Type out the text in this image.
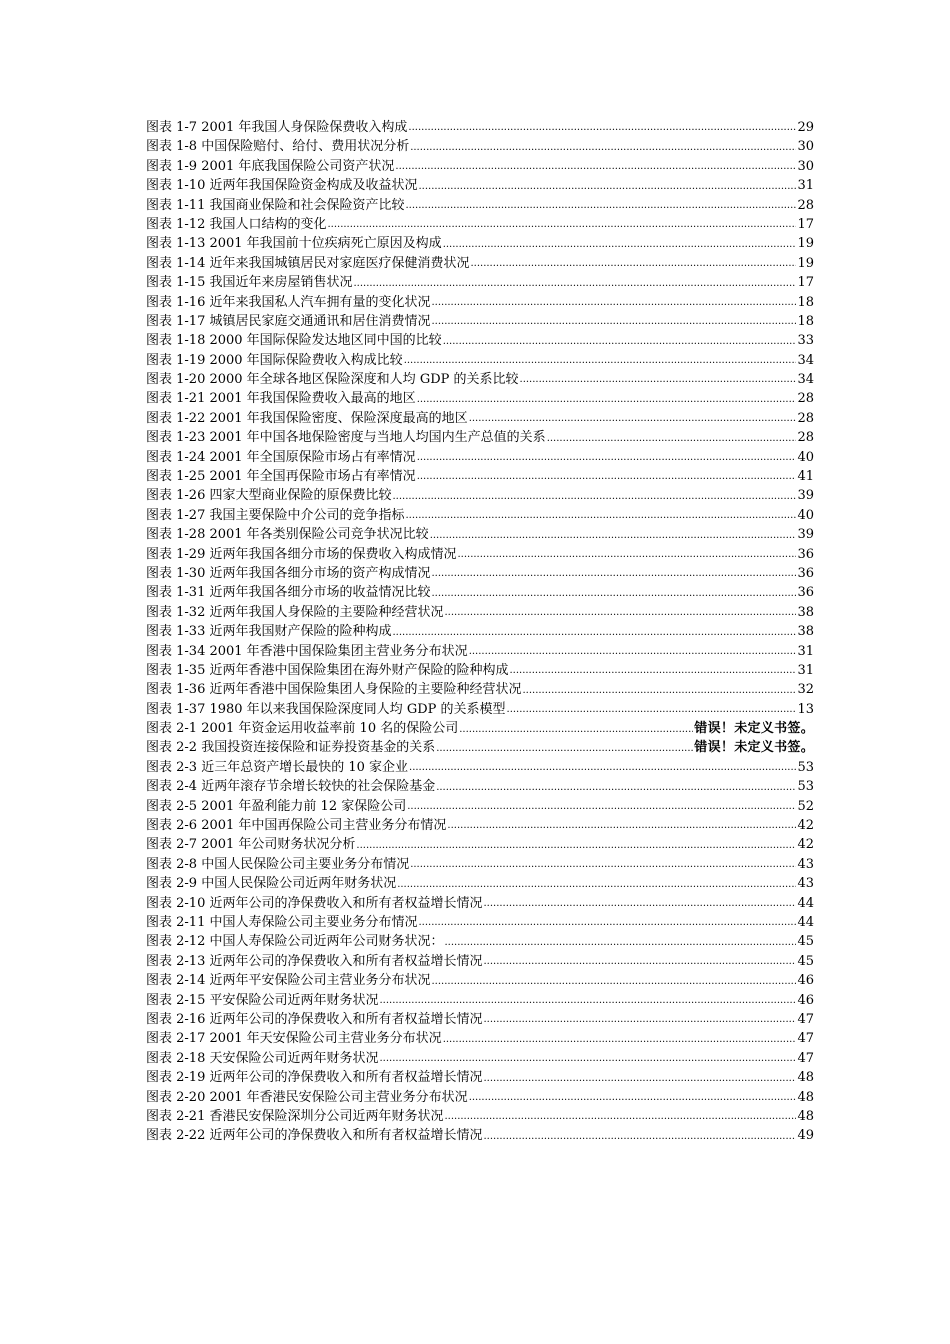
图表 1-7 2001 年我国人身保险保费收入构成 .....	29
图表 1-8 中国保险赔付、给付、费用状况分析 .....	30
图表 1-9 2001 年底我国保险公司资产状况 .....	30
图表 1-10 近两年我国保险资金构成及收益状况 .....	31
图表 1-11 我国商业保险和社会保险资产比较 .....	28
图表 1-12 我国人口结构的变化 .....	17
图表 1-13 2001 年我国前十位疾病死亡原因及构成 .....	19
图表 1-14 近年来我国城镇居民对家庭医疗保健消费状况 .....	19
图表 1-15 我国近年来房屋销售状况 .....	17
图表 1-16 近年来我国私人汽车拥有量的变化状况 .....	18
图表 1-17 城镇居民家庭交通通讯和居住消费情况 .....	18
图表 1-18 2000 年国际保险发达地区同中国的比较 .....	33
图表 1-19 2000 年国际保险费收入构成比较 .....	34
图表 1-20 2000 年全球各地区保险深度和人均 GDP 的关系比较 .....	34
图表 1-21 2001 年我国保险费收入最高的地区 .....	28
图表 1-22 2001 年我国保险密度、保险深度最高的地区 .....	28
图表 1-23 2001 年中国各地保险密度与当地人均国内生产总值的关系 .....	28
图表 1-24 2001 年全国原保险市场占有率情况 .....	40
图表 1-25 2001 年全国再保险市场占有率情况 .....	41
图表 1-26 四家大型商业保险的原保费比较 .....	39
图表 1-27 我国主要保险中介公司的竞争指标 .....	40
图表 1-28 2001 年各类别保险公司竞争状况比较 .....	39
图表 1-29 近两年我国各细分市场的保费收入构成情况 .....	36
图表 1-30 近两年我国各细分市场的资产构成情况 .....	36
图表 1-31 近两年我国各细分市场的收益情况比较 .....	36
图表 1-32 近两年我国人身保险的主要险种经营状况 .....	38
图表 1-33 近两年我国财产保险的险种构成 .....	38
图表 1-34 2001 年香港中国保险集团主营业务分布状况 .....	31
图表 1-35 近两年香港中国保险集团在海外财产保险的险种构成 .....	31
图表 1-36 近两年香港中国保险集团人身保险的主要险种经营状况 .....	32
图表 1-37 1980 年以来我国保险深度同人均 GDP 的关系模型 .....	13
图表 2-1 2001 年资金运用收益率前 10 名的保险公司 .....	错误！未定义书签。
图表 2-2 我国投资连接保险和证券投资基金的关系 .....	错误！未定义书签。
图表 2-3 近三年总资产增长最快的 10 家企业 .....	53
图表 2-4 近两年滚存节余增长较快的社会保险基金 .....	53
图表 2-5 2001 年盈利能力前 12 家保险公司 .....	52
图表 2-6 2001 年中国再保险公司主营业务分布情况 .....	42
图表 2-7 2001 年公司财务状况分析 .....	42
图表 2-8 中国人民保险公司主要业务分布情况 .....	43
图表 2-9 中国人民保险公司近两年财务状况 .....	43
图表 2-10 近两年公司的净保费收入和所有者权益增长情况 .....	44
图表 2-11 中国人寿保险公司主要业务分布情况 .....	44
图表 2-12 中国人寿保险公司近两年公司财务状况： .....	45
图表 2-13 近两年公司的净保费收入和所有者权益增长情况 .....	45
图表 2-14 近两年平安保险公司主营业务分布状况 .....	46
图表 2-15 平安保险公司近两年财务状况 .....	46
图表 2-16 近两年公司的净保费收入和所有者权益增长情况 .....	47
图表 2-17 2001 年天安保险公司主营业务分布状况 .....	47
图表 2-18 天安保险公司近两年财务状况 .....	47
图表 2-19 近两年公司的净保费收入和所有者权益增长情况 .....	48
图表 2-20 2001 年香港民安保险公司主营业务分布状况 .....	48
图表 2-21 香港民安保险深圳分公司近两年财务状况 .....	48
图表 2-22 近两年公司的净保费收入和所有者权益增长情况 .....	49
